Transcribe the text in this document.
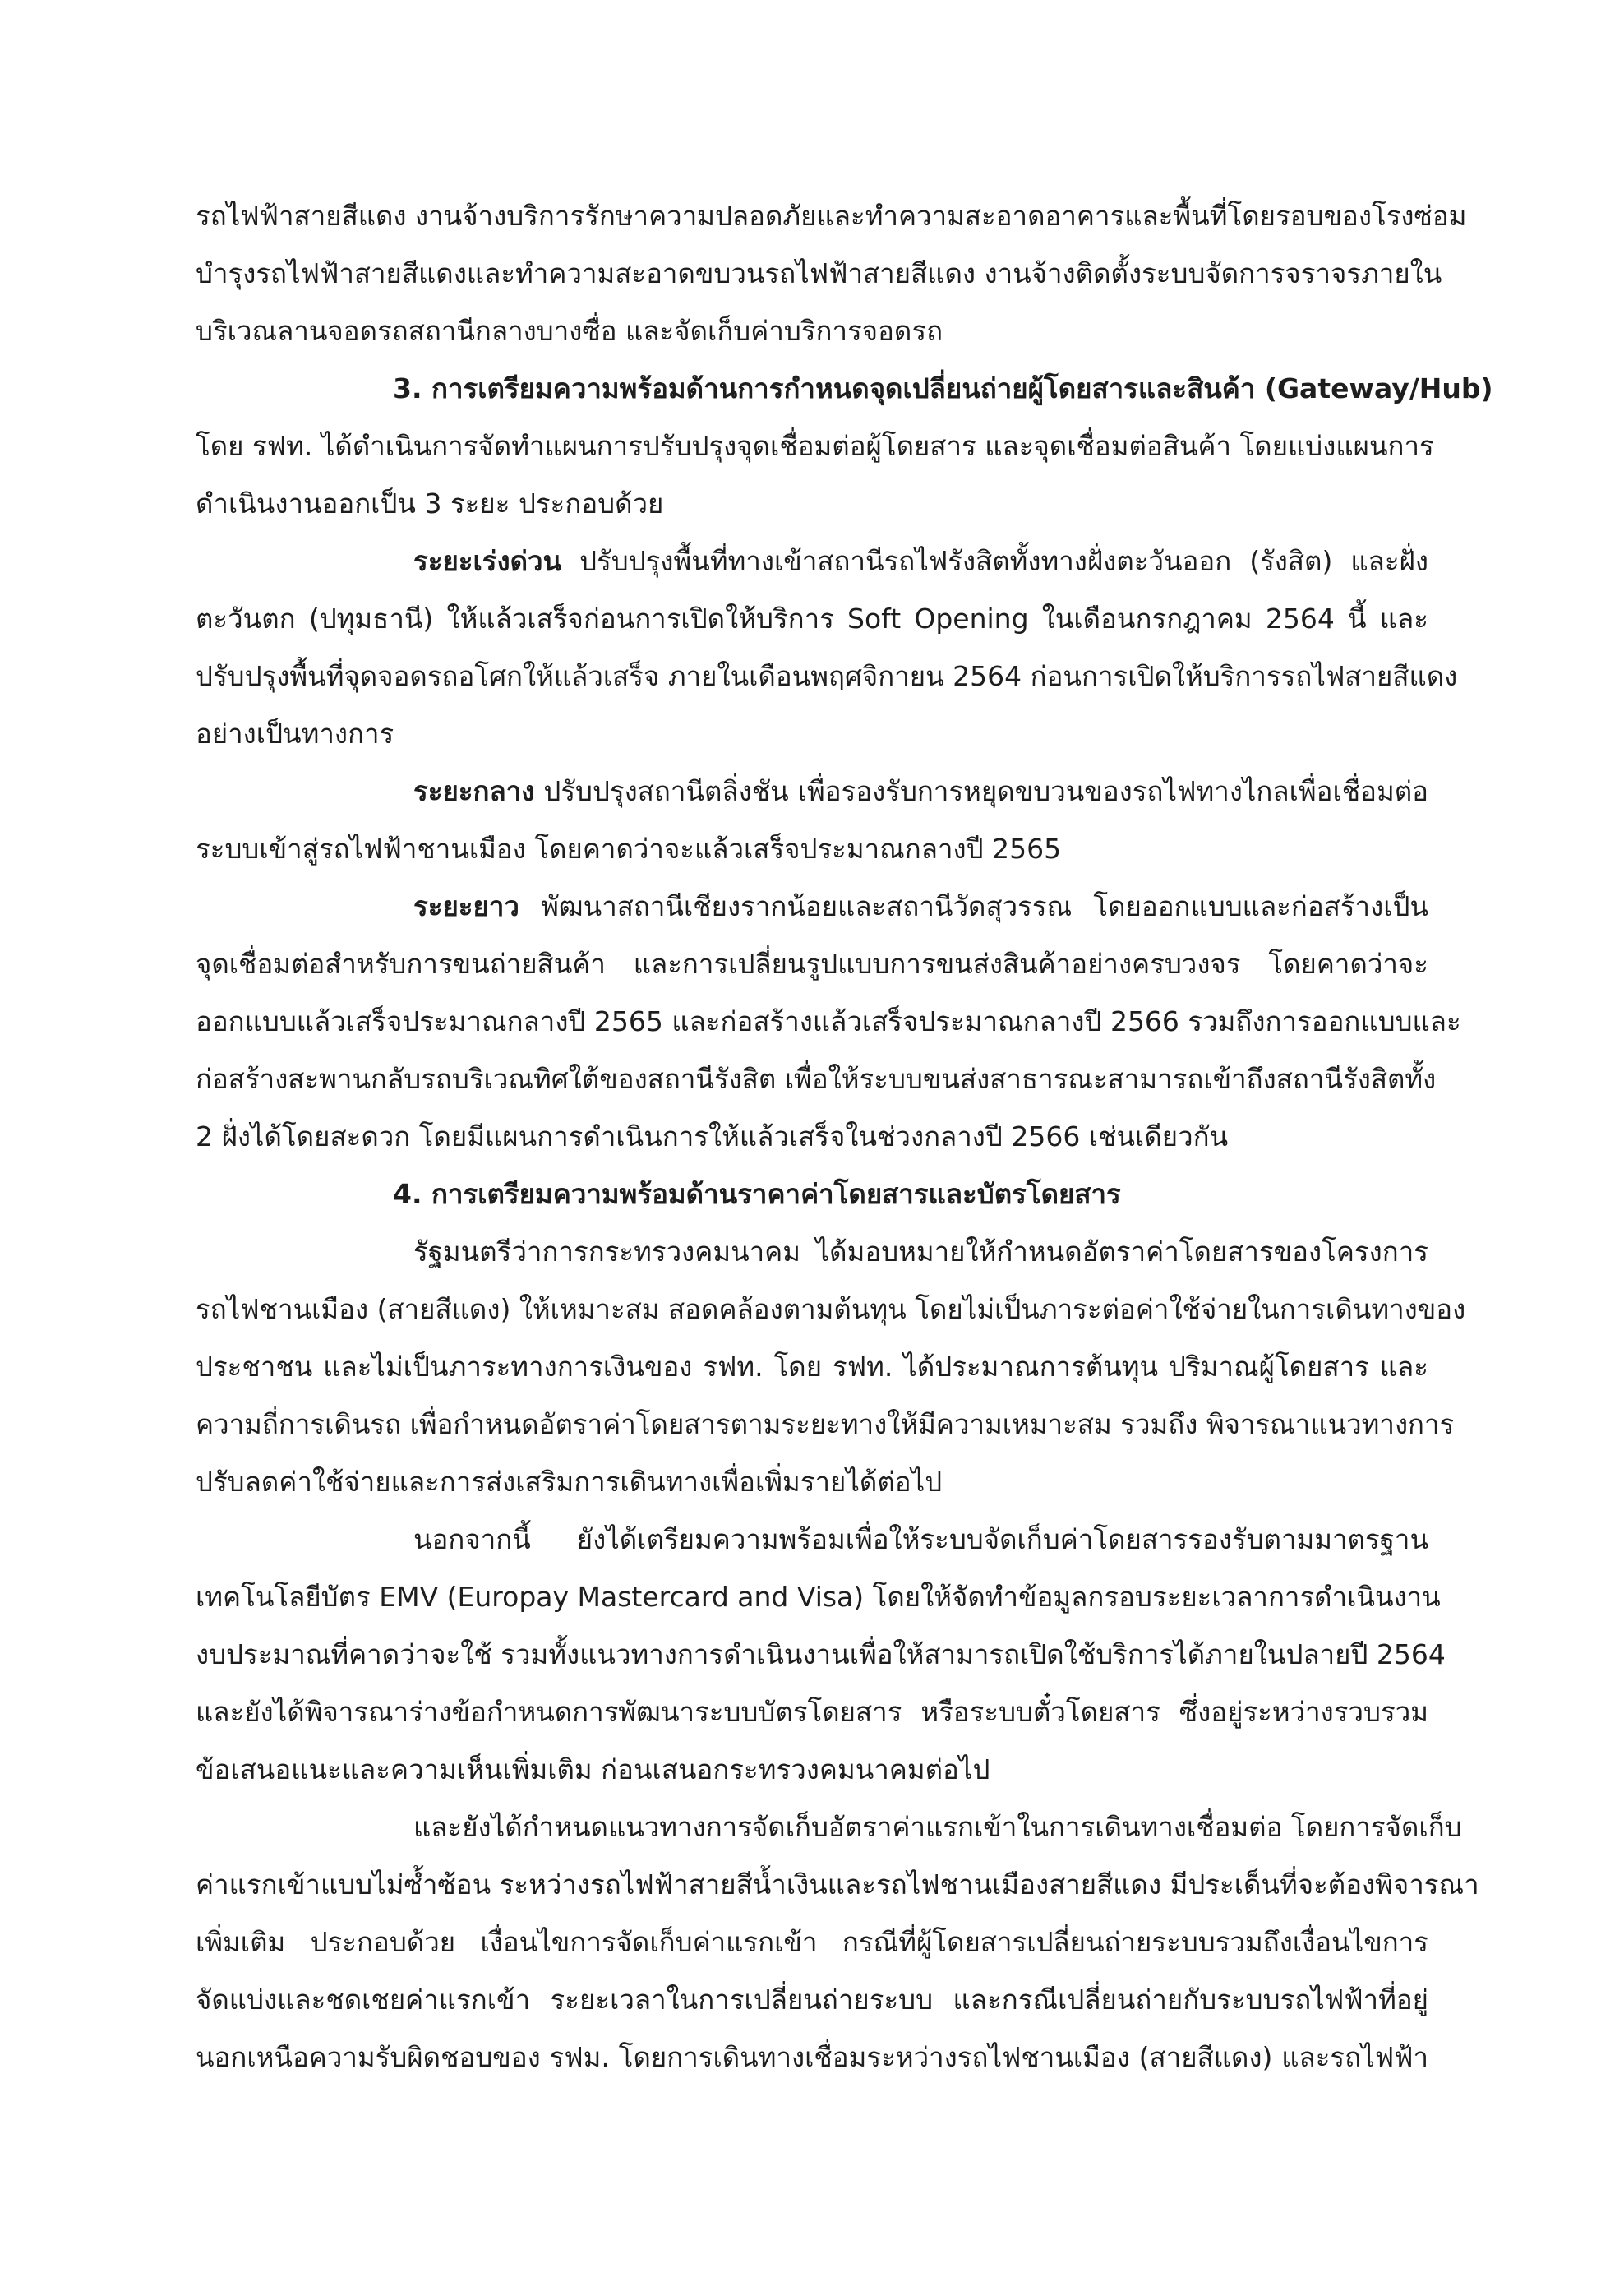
รถไฟฟ้าสายสีแดง งานจ้างบริการรักษาความปลอดภัยและทำความสะอาดอาคารและพื้นที่โดยรอบของโรงซ่อม
บำรุงรถไฟฟ้าสายสีแดงและทำความสะอาดขบวนรถไฟฟ้าสายสีแดง งานจ้างติดตั้งระบบจัดการจราจรภายใน
บริเวณลานจอดรถสถานีกลางบางซื่อ และจัดเก็บค่าบริการจอดรถ

3. การเตรียมความพร้อมด้านการกำหนดจุดเปลี่ยนถ่ายผู้โดยสารและสินค้า (Gateway/Hub)

โดย รฟท. ได้ดำเนินการจัดทำแผนการปรับปรุงจุดเชื่อมต่อผู้โดยสาร และจุดเชื่อมต่อสินค้า โดยแบ่งแผนการ
ดำเนินงานออกเป็น 3 ระยะ ประกอบด้วย

ระยะเร่งด่วน ปรับปรุงพื้นที่ทางเข้าสถานีรถไฟรังสิตทั้งทางฝั่งตะวันออก (รังสิต) และฝั่ง
ตะวันตก (ปทุมธานี) ให้แล้วเสร็จก่อนการเปิดให้บริการ Soft Opening ในเดือนกรกฎาคม 2564 นี้ และ
ปรับปรุงพื้นที่จุดจอดรถอโศกให้แล้วเสร็จ ภายในเดือนพฤศจิกายน 2564 ก่อนการเปิดให้บริการรถไฟสายสีแดง
อย่างเป็นทางการ

ระยะกลาง ปรับปรุงสถานีตลิ่งชัน เพื่อรองรับการหยุดขบวนของรถไฟทางไกลเพื่อเชื่อมต่อ
ระบบเข้าสู่รถไฟฟ้าชานเมือง โดยคาดว่าจะแล้วเสร็จประมาณกลางปี 2565

ระยะยาว พัฒนาสถานีเชียงรากน้อยและสถานีวัดสุวรรณ โดยออกแบบและก่อสร้างเป็น
จุดเชื่อมต่อสำหรับการขนถ่ายสินค้า และการเปลี่ยนรูปแบบการขนส่งสินค้าอย่างครบวงจร โดยคาดว่าจะ
ออกแบบแล้วเสร็จประมาณกลางปี 2565 และก่อสร้างแล้วเสร็จประมาณกลางปี 2566 รวมถึงการออกแบบและ
ก่อสร้างสะพานกลับรถบริเวณทิศใต้ของสถานีรังสิต เพื่อให้ระบบขนส่งสาธารณะสามารถเข้าถึงสถานีรังสิตทั้ง
2 ฝั่งได้โดยสะดวก โดยมีแผนการดำเนินการให้แล้วเสร็จในช่วงกลางปี 2566 เช่นเดียวกัน

4. การเตรียมความพร้อมด้านราคาค่าโดยสารและบัตรโดยสาร

รัฐมนตรีว่าการกระทรวงคมนาคม ได้มอบหมายให้กำหนดอัตราค่าโดยสารของโครงการ
รถไฟชานเมือง (สายสีแดง) ให้เหมาะสม สอดคล้องตามต้นทุน โดยไม่เป็นภาระต่อค่าใช้จ่ายในการเดินทางของ
ประชาชน และไม่เป็นภาระทางการเงินของ รฟท. โดย รฟท. ได้ประมาณการต้นทุน ปริมาณผู้โดยสาร และ
ความถี่การเดินรถ เพื่อกำหนดอัตราค่าโดยสารตามระยะทางให้มีความเหมาะสม รวมถึง พิจารณาแนวทางการ
ปรับลดค่าใช้จ่ายและการส่งเสริมการเดินทางเพื่อเพิ่มรายได้ต่อไป

นอกจากนี้ ยังได้เตรียมความพร้อมเพื่อให้ระบบจัดเก็บค่าโดยสารรองรับตามมาตรฐาน
เทคโนโลยีบัตร EMV (Europay Mastercard and Visa) โดยให้จัดทำข้อมูลกรอบระยะเวลาการดำเนินงาน
งบประมาณที่คาดว่าจะใช้ รวมทั้งแนวทางการดำเนินงานเพื่อให้สามารถเปิดใช้บริการได้ภายในปลายปี 2564
และยังได้พิจารณาร่างข้อกำหนดการพัฒนาระบบบัตรโดยสาร หรือระบบตั๋วโดยสาร ซึ่งอยู่ระหว่างรวบรวม
ข้อเสนอแนะและความเห็นเพิ่มเติม ก่อนเสนอกระทรวงคมนาคมต่อไป

และยังได้กำหนดแนวทางการจัดเก็บอัตราค่าแรกเข้าในการเดินทางเชื่อมต่อ โดยการจัดเก็บ
ค่าแรกเข้าแบบไม่ซ้ำซ้อน ระหว่างรถไฟฟ้าสายสีน้ำเงินและรถไฟชานเมืองสายสีแดง มีประเด็นที่จะต้องพิจารณา
เพิ่มเติม ประกอบด้วย เงื่อนไขการจัดเก็บค่าแรกเข้า กรณีที่ผู้โดยสารเปลี่ยนถ่ายระบบรวมถึงเงื่อนไขการ
จัดแบ่งและชดเชยค่าแรกเข้า ระยะเวลาในการเปลี่ยนถ่ายระบบ และกรณีเปลี่ยนถ่ายกับระบบรถไฟฟ้าที่อยู่
นอกเหนือความรับผิดชอบของ รฟม. โดยการเดินทางเชื่อมระหว่างรถไฟชานเมือง (สายสีแดง) และรถไฟฟ้า
